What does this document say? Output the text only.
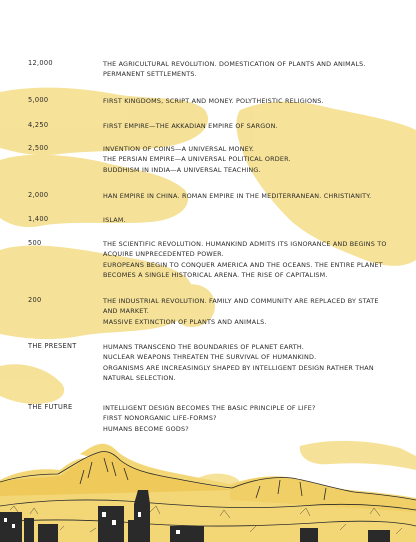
12,000	THE AGRICULTURAL REVOLUTION. DOMESTICATION OF PLANTS AND ANIMALS.
PERMANENT SETTLEMENTS.
5,000	FIRST KINGDOMS, SCRIPT AND MONEY. POLYTHEISTIC RELIGIONS.
4,250	FIRST EMPIRE—THE AKKADIAN EMPIRE OF SARGON.
2,500	INVENTION OF COINS—A UNIVERSAL MONEY.
THE PERSIAN EMPIRE—A UNIVERSAL POLITICAL ORDER.
BUDDHISM IN INDIA—A UNIVERSAL TEACHING.
2,000	HAN EMPIRE IN CHINA. ROMAN EMPIRE IN THE MEDITERRANEAN. CHRISTIANITY.
1,400	ISLAM.
500	THE SCIENTIFIC REVOLUTION. HUMANKIND ADMITS ITS IGNORANCE AND BEGINS TO
ACQUIRE UNPRECEDENTED POWER.
EUROPEANS BEGIN TO CONQUER AMERICA AND THE OCEANS. THE ENTIRE PLANET
BECOMES A SINGLE HISTORICAL ARENA. THE RISE OF CAPITALISM.
200	THE INDUSTRIAL REVOLUTION. FAMILY AND COMMUNITY ARE REPLACED BY STATE
AND MARKET.
MASSIVE EXTINCTION OF PLANTS AND ANIMALS.
THE PRESENT	HUMANS TRANSCEND THE BOUNDARIES OF PLANET EARTH.
NUCLEAR WEAPONS THREATEN THE SURVIVAL OF HUMANKIND.
ORGANISMS ARE INCREASINGLY SHAPED BY INTELLIGENT DESIGN RATHER THAN
NATURAL SELECTION.
THE FUTURE	INTELLIGENT DESIGN BECOMES THE BASIC PRINCIPLE OF LIFE?
FIRST NONORGANIC LIFE-FORMS?
HUMANS BECOME GODS?
